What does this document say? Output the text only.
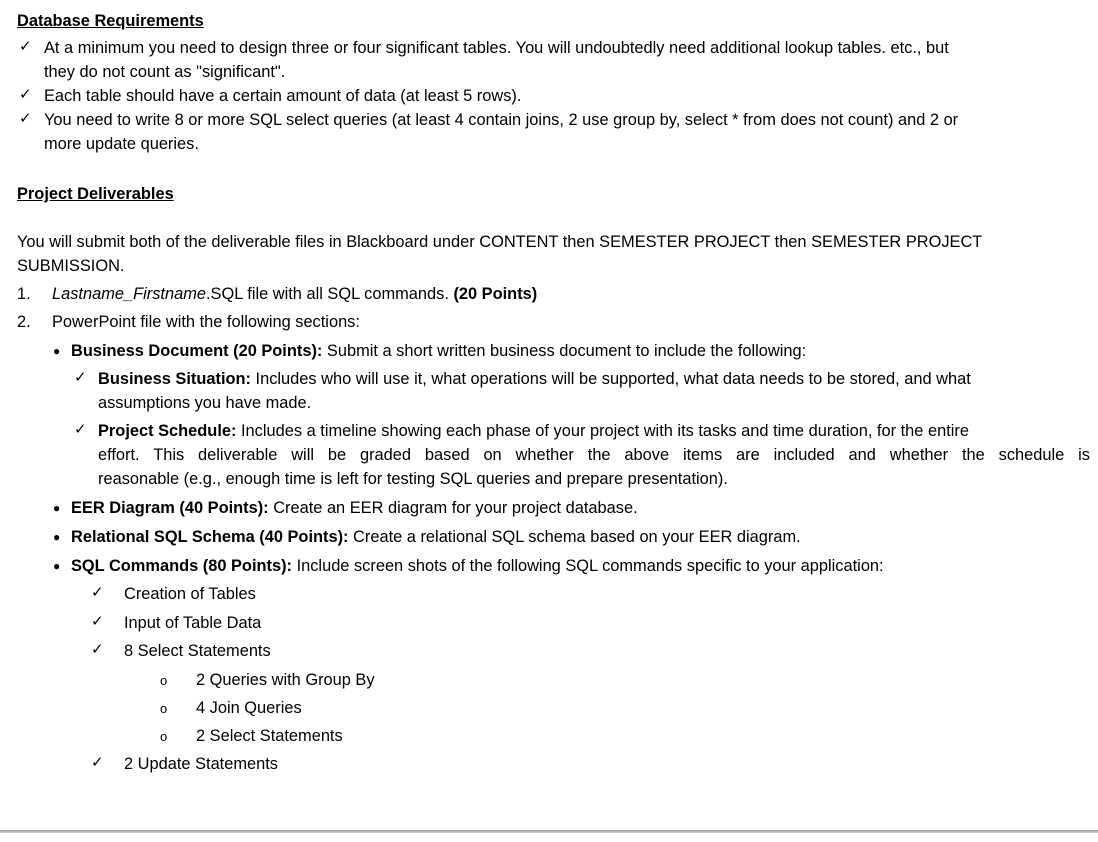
Database Requirements
✓ At a minimum you need to design three or four significant tables. You will undoubtedly need additional lookup tables. etc., but
they do not count as "significant".
✓ Each table should have a certain amount of data (at least 5 rows).
✓ You need to write 8 or more SQL select queries (at least 4 contain joins, 2 use group by, select * from does not count) and 2 or
more update queries.
Project Deliverables
You will submit both of the deliverable files in Blackboard under CONTENT then SEMESTER PROJECT then SEMESTER PROJECT
SUBMISSION.
1. Lastname_Firstname.SQL file with all SQL commands. (20 Points)
2. PowerPoint file with the following sections:
● Business Document (20 Points): Submit a short written business document to include the following:
✓ Business Situation: Includes who will use it, what operations will be supported, what data needs to be stored, and what
assumptions you have made.
✓ Project Schedule: Includes a timeline showing each phase of your project with its tasks and time duration, for the entire
effort. This deliverable will be graded based on whether the above items are included and whether the schedule is
reasonable (e.g., enough time is left for testing SQL queries and prepare presentation).
● EER Diagram (40 Points): Create an EER diagram for your project database.
● Relational SQL Schema (40 Points): Create a relational SQL schema based on your EER diagram.
● SQL Commands (80 Points): Include screen shots of the following SQL commands specific to your application:
✓ Creation of Tables
✓ Input of Table Data
✓ 8 Select Statements
o 2 Queries with Group By
o 4 Join Queries
o 2 Select Statements
✓ 2 Update Statements
